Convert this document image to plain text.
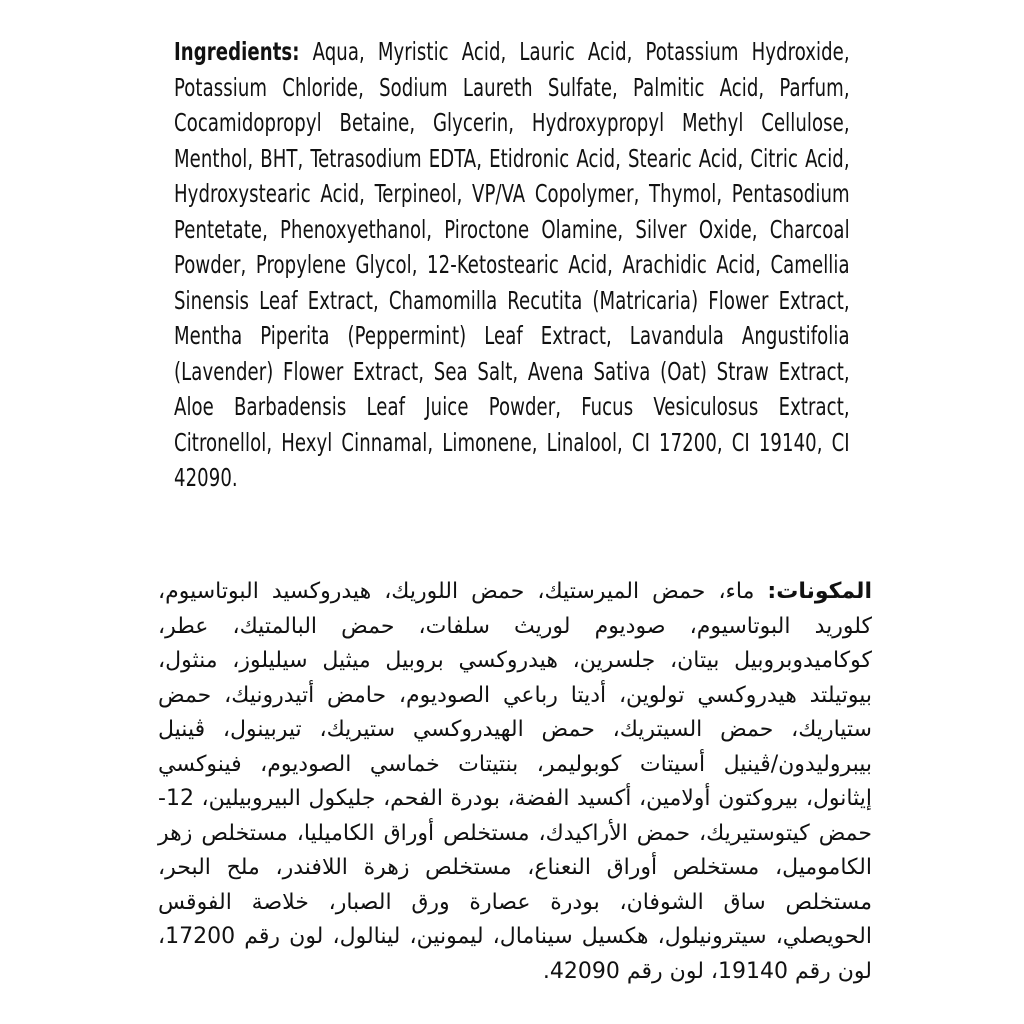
Ingredients: Aqua, Myristic Acid, Lauric Acid, Potassium Hydroxide, Potassium Chloride, Sodium Laureth Sulfate, Palmitic Acid, Parfum, Cocamidopropyl Betaine, Glycerin, Hydroxypropyl Methyl Cellulose, Menthol, BHT, Tetrasodium EDTA, Etidronic Acid, Stearic Acid, Citric Acid, Hydroxystearic Acid, Terpineol, VP/VA Copolymer, Thymol, Pentasodium Pentetate, Phenoxyethanol, Piroctone Olamine, Silver Oxide, Charcoal Powder, Propylene Glycol, 12-Ketostearic Acid, Arachidic Acid, Camellia Sinensis Leaf Extract, Chamomilla Recutita (Matricaria) Flower Extract, Mentha Piperita (Peppermint) Leaf Extract, Lavandula Angustifolia (Lavender) Flower Extract, Sea Salt, Avena Sativa (Oat) Straw Extract, Aloe Barbadensis Leaf Juice Powder, Fucus Vesiculosus Extract, Citronellol, Hexyl Cinnamal, Limonene, Linalool, CI 17200, CI 19140, CI 42090.

المكونات: ماء، حمض الميرستيك، حمض اللوريك، هيدروكسيد البوتاسيوم، كلوريد البوتاسيوم، صوديوم لوريث سلفات، حمض البالمتيك، عطر، كوكاميدوبروبيل بيتان، جلسرين، هيدروكسي بروبيل ميثيل سيليلوز، منثول، بيوتيلتد هيدروكسي تولوين، أديتا رباعي الصوديوم، حامض أتيدرونيك، حمض ستياريك، حمض السيتريك، حمض الهيدروكسي ستيريك، تيربينول، ڤينيل بيبروليدون/ڤينيل أسيتات كوبوليمر، بنتيتات خماسي الصوديوم، فينوكسي إيثانول، بيروكتون أولامين، أكسيد الفضة، بودرة الفحم، جليكول البيروبيلين، 12-حمض كيتوستيريك، حمض الأراكيدك، مستخلص أوراق الكاميليا، مستخلص زهر الكاموميل، مستخلص أوراق النعناع، مستخلص زهرة اللافندر، ملح البحر، مستخلص ساق الشوفان، بودرة عصارة ورق الصبار، خلاصة الفوقس الحويصلي، سيترونيلول، هكسيل سينامال، ليمونين، لينالول، لون رقم 17200، لون رقم 19140، لون رقم 42090.
